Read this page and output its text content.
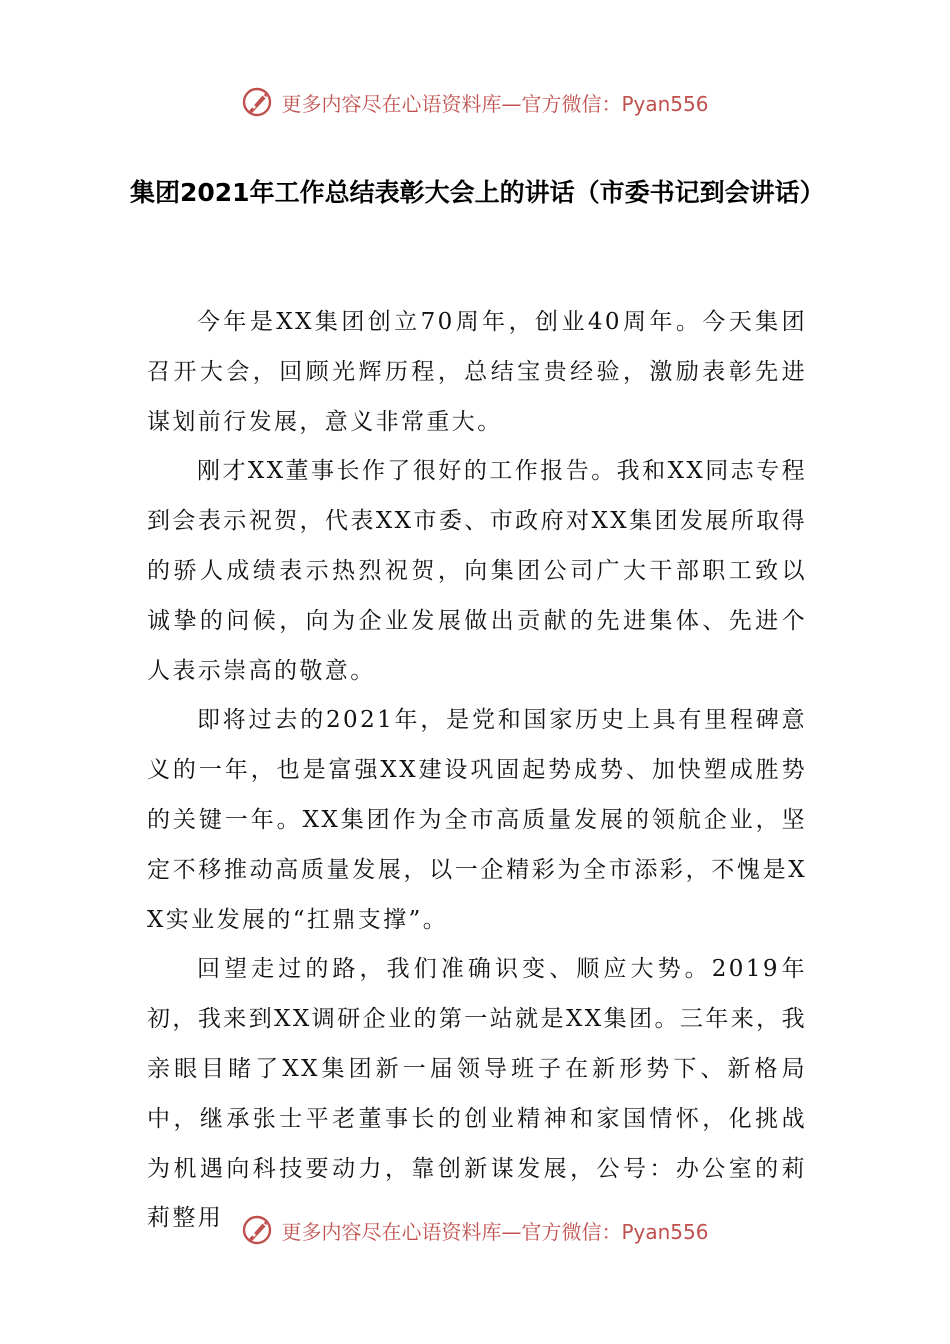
更多内容尽在心语资料库—官方微信：Pyan556
集团2021年工作总结表彰大会上的讲话（市委书记到会讲话）

今年是XX集团创立70周年，创业40周年。今天集团召开大会，回顾光辉历程，总结宝贵经验，激励表彰先进谋划前行发展，意义非常重大。

刚才XX董事长作了很好的工作报告。我和XX同志专程到会表示祝贺，代表XX市委、市政府对XX集团发展所取得的骄人成绩表示热烈祝贺，向集团公司广大干部职工致以诚挚的问候，向为企业发展做出贡献的先进集体、先进个人表示崇高的敬意。

即将过去的2021年，是党和国家历史上具有里程碑意义的一年，也是富强XX建设巩固起势成势、加快塑成胜势的关键一年。XX集团作为全市高质量发展的领航企业，坚定不移推动高质量发展，以一企精彩为全市添彩，不愧是XX实业发展的“扛鼎支撑”。

回望走过的路，我们准确识变、顺应大势。2019年初，我来到XX调研企业的第一站就是XX集团。三年来，我亲眼目睹了XX集团新一届领导班子在新形势下、新格局中，继承张士平老董事长的创业精神和家国情怀，化挑战为机遇向科技要动力，靠创新谋发展，公号：办公室的莉莉整用

更多内容尽在心语资料库—官方微信：Pyan556
